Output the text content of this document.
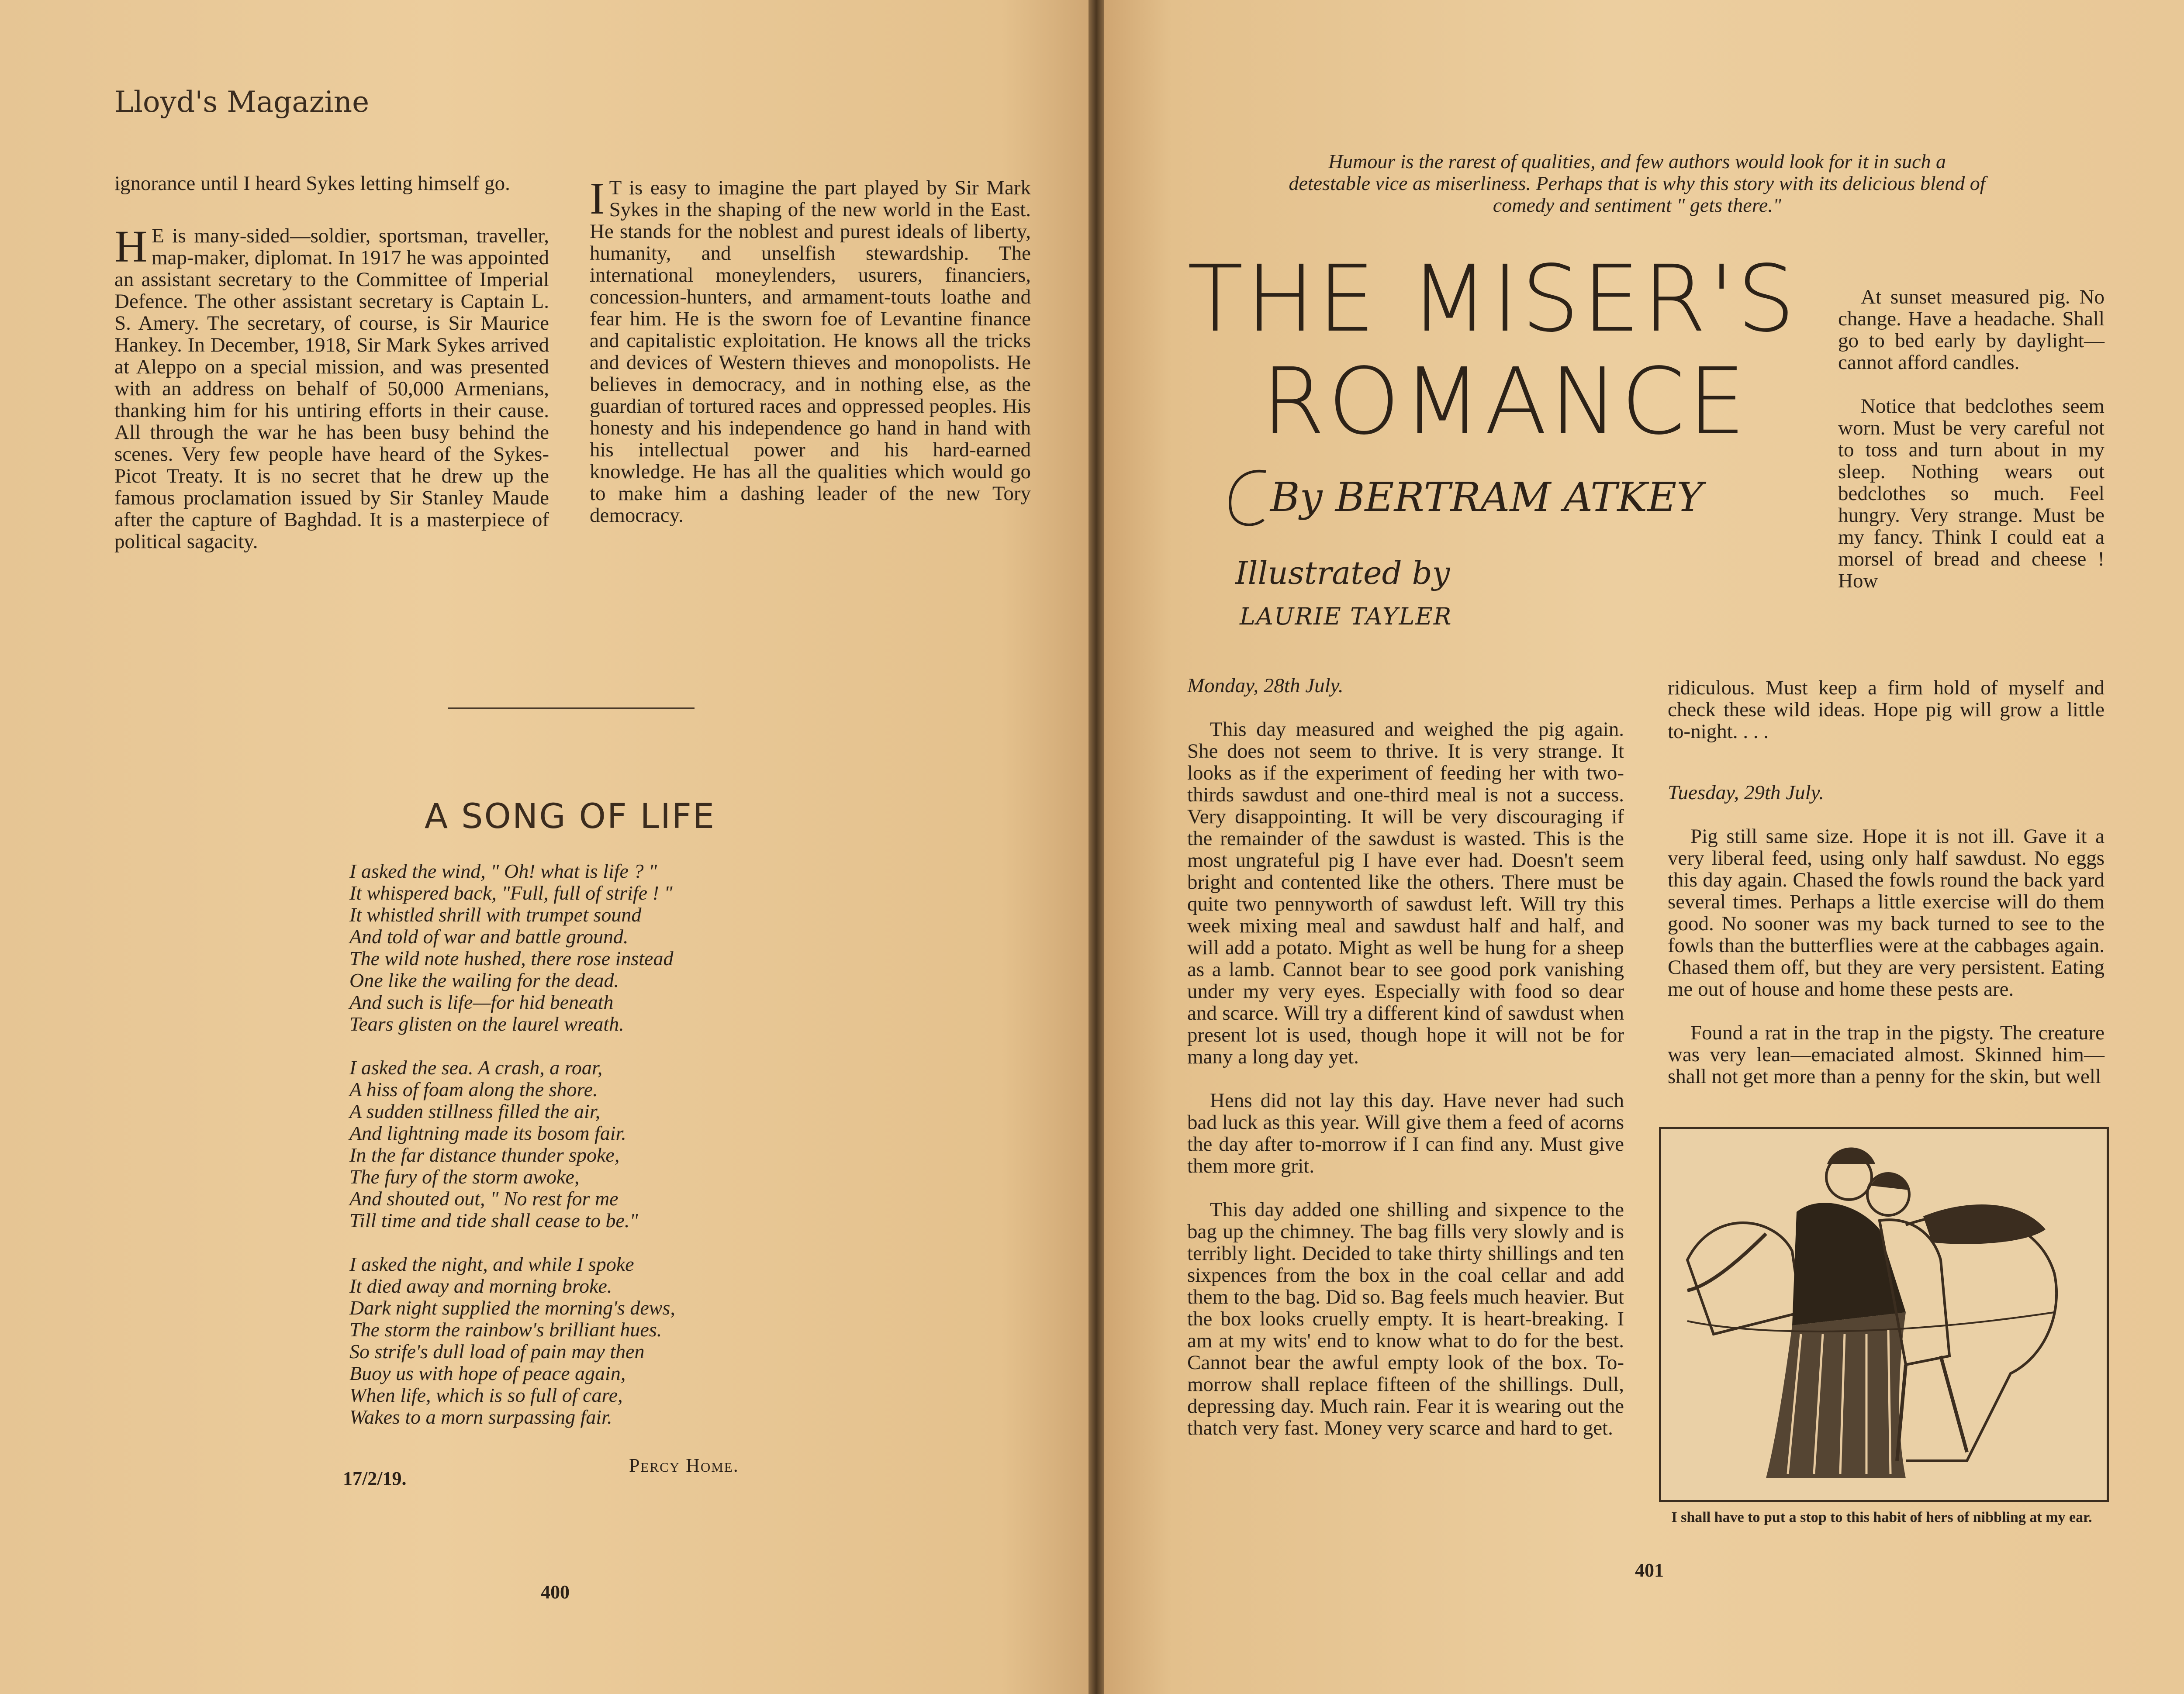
Lloyd's Magazine

ignorance until I heard Sykes letting himself go.

H E is many-sided—soldier, sportsman, traveller, map-maker, diplomat. In 1917 he was appointed an assistant secretary to the Committee of Imperial Defence. The other assistant secretary is Captain L. S. Amery. The secretary, of course, is Sir Maurice Hankey. In December, 1918, Sir Mark Sykes arrived at Aleppo on a special mission, and was presented with an address on behalf of 50,000 Armenians, thanking him for his untiring efforts in their cause. All through the war he has been busy behind the scenes. Very few people have heard of the Sykes-Picot Treaty. It is no secret that he drew up the famous proclamation issued by Sir Stanley Maude after the capture of Baghdad. It is a masterpiece of political sagacity.

I T is easy to imagine the part played by Sir Mark Sykes in the shaping of the new world in the East. He stands for the noblest and purest ideals of liberty, humanity, and unselfish stewardship. The international moneylenders, usurers, financiers, concession-hunters, and armament-touts loathe and fear him. He is the sworn foe of Levantine finance and capitalistic exploitation. He knows all the tricks and devices of Western thieves and monopolists. He believes in democracy, and in nothing else, as the guardian of tortured races and oppressed peoples. His honesty and his independence go hand in hand with his intellectual power and his hard-earned knowledge. He has all the qualities which would go to make him a dashing leader of the new Tory democracy.

A SONG OF LIFE
I asked the wind, " Oh! what is life ? "
It whispered back, "Full, full of strife ! "
It whistled shrill with trumpet sound
And told of war and battle ground.
The wild note hushed, there rose instead
One like the wailing for the dead.
And such is life—for hid beneath
Tears glisten on the laurel wreath.
I asked the sea. A crash, a roar,
A hiss of foam along the shore.
A sudden stillness filled the air,
And lightning made its bosom fair.
In the far distance thunder spoke,
The fury of the storm awoke,
And shouted out, " No rest for me
Till time and tide shall cease to be."
I asked the night, and while I spoke
It died away and morning broke.
Dark night supplied the morning's dews,
The storm the rainbow's brilliant hues.
So strife's dull load of pain may then
Buoy us with hope of peace again,
When life, which is so full of care,
Wakes to a morn surpassing fair.
Percy Home.
17/2/19.
400
Humour is the rarest of qualities, and few authors would look for it in such a detestable vice as miserliness. Perhaps that is why this story with its delicious blend of comedy and sentiment " gets there."
THE MISER'S
ROMANCE
By BERTRAM ATKEY
Illustrated by
LAURIE TAYLER

At sunset measured pig. No change. Have a headache. Shall go to bed early by daylight—cannot afford candles.

Notice that bedclothes seem worn. Must be very careful not to toss and turn about in my sleep. Nothing wears out bedclothes so much. Feel hungry. Very strange. Must be my fancy. Think I could eat a morsel of bread and cheese ! How

Monday, 28th July.

This day measured and weighed the pig again. She does not seem to thrive. It is very strange. It looks as if the experiment of feeding her with two-thirds sawdust and one-third meal is not a success. Very disappointing. It will be very discouraging if the remainder of the sawdust is wasted. This is the most ungrateful pig I have ever had. Doesn't seem bright and contented like the others. There must be quite two pennyworth of sawdust left. Will try this week mixing meal and sawdust half and half, and will add a potato. Might as well be hung for a sheep as a lamb. Cannot bear to see good pork vanishing under my very eyes. Especially with food so dear and scarce. Will try a different kind of sawdust when present lot is used, though hope it will not be for many a long day yet.

Hens did not lay this day. Have never had such bad luck as this year. Will give them a feed of acorns the day after to-morrow if I can find any. Must give them more grit.

This day added one shilling and sixpence to the bag up the chimney. The bag fills very slowly and is terribly light. Decided to take thirty shillings and ten sixpences from the box in the coal cellar and add them to the bag. Did so. Bag feels much heavier. But the box looks cruelly empty. It is heart-breaking. I am at my wits' end to know what to do for the best. Cannot bear the awful empty look of the box. To-morrow shall replace fifteen of the shillings. Dull, depressing day. Much rain. Fear it is wearing out the thatch very fast. Money very scarce and hard to get.

ridiculous. Must keep a firm hold of myself and check these wild ideas. Hope pig will grow a little to-night. . . .

Tuesday, 29th July.

Pig still same size. Hope it is not ill. Gave it a very liberal feed, using only half sawdust. No eggs this day again. Chased the fowls round the back yard several times. Perhaps a little exercise will do them good. No sooner was my back turned to see to the fowls than the butterflies were at the cabbages again. Chased them off, but they are very persistent. Eating me out of house and home these pests are.

Found a rat in the trap in the pigsty. The creature was very lean—emaciated almost. Skinned him—shall not get more than a penny for the skin, but well

I shall have to put a stop to this habit of hers of nibbling at my ear.
401
